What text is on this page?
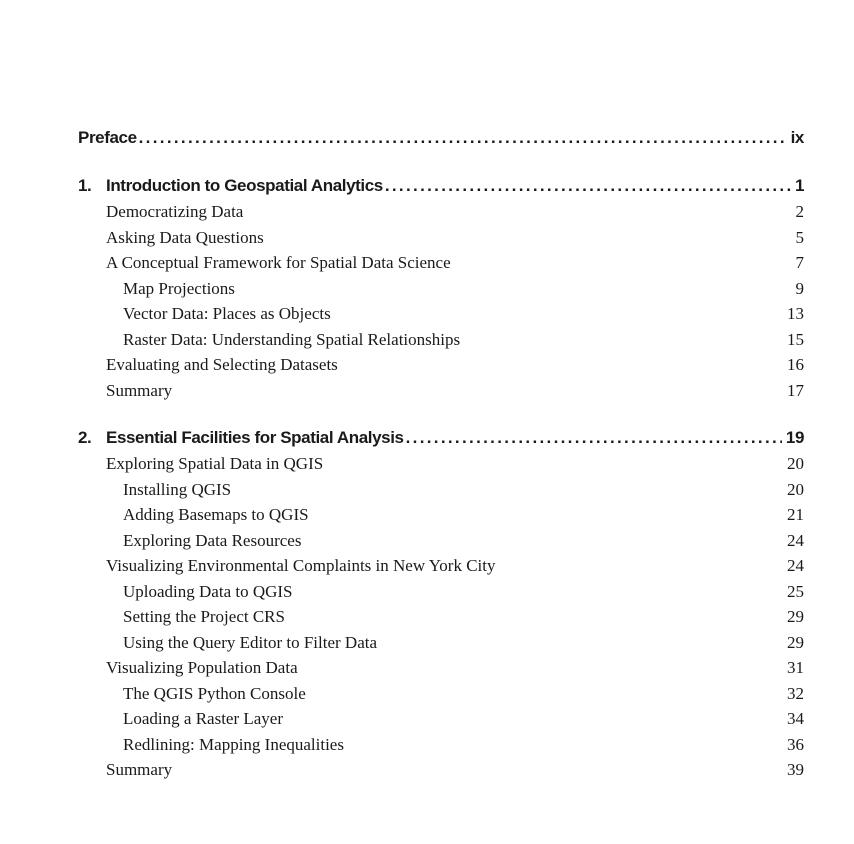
Preface . . .	ix
1. Introduction to Geospatial Analytics . . .	1
Democratizing Data	2
Asking Data Questions	5
A Conceptual Framework for Spatial Data Science	7
Map Projections	9
Vector Data: Places as Objects	13
Raster Data: Understanding Spatial Relationships	15
Evaluating and Selecting Datasets	16
Summary	17
2. Essential Facilities for Spatial Analysis . . .	19
Exploring Spatial Data in QGIS	20
Installing QGIS	20
Adding Basemaps to QGIS	21
Exploring Data Resources	24
Visualizing Environmental Complaints in New York City	24
Uploading Data to QGIS	25
Setting the Project CRS	29
Using the Query Editor to Filter Data	29
Visualizing Population Data	31
The QGIS Python Console	32
Loading a Raster Layer	34
Redlining: Mapping Inequalities	36
Summary	39
